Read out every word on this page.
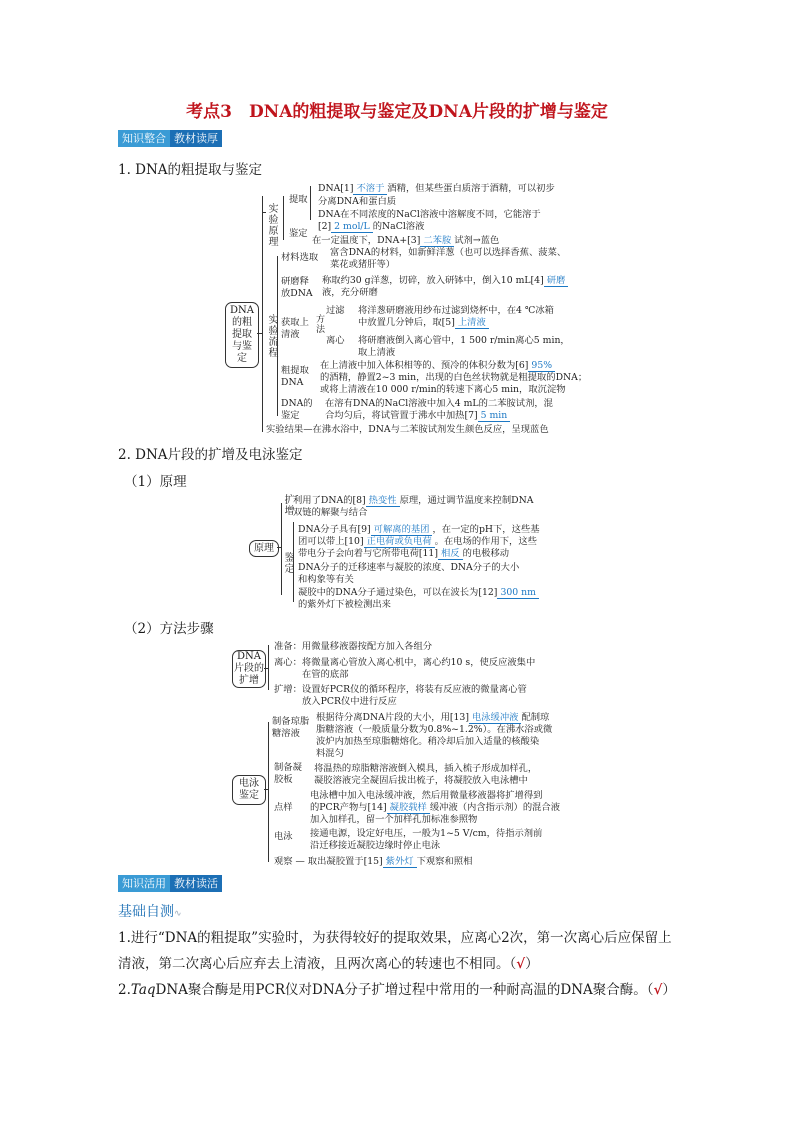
考点3　DNA的粗提取与鉴定及DNA片段的扩增与鉴定
知识整合 教材读厚
1. DNA的粗提取与鉴定
DNA的粗提取与鉴定
实验原理
提取
DNA[1] 不溶于 酒精，但某些蛋白质溶于酒精，可以初步
分离DNA和蛋白质
DNA在不同浓度的NaCl溶液中溶解度不同，它能溶于
[2] 2 mol/L 的NaCl溶液
鉴定
在一定温度下，DNA+[3] 二苯胺 试剂→蓝色
实验流程
材料选取 富含DNA的材料，如新鲜洋葱（也可以选择香蕉、菠菜、
菜花或猪肝等）
研磨释放DNA
称取约30 g洋葱，切碎，放入研钵中，倒入10 mL[4] 研磨
液，充分研磨
获取上清液
方法
过滤 将洋葱研磨液用纱布过滤到烧杯中，在4 ℃冰箱
中放置几分钟后，取[5] 上清液
离心 将研磨液倒入离心管中，1 500 r/min离心5 min，
取上清液
粗提取DNA
在上清液中加入体积相等的、预冷的体积分数为[6] 95%
的酒精，静置2~3 min，出现的白色丝状物就是粗提取的DNA；
或将上清液在10 000 r/min的转速下离心5 min，取沉淀物
DNA的鉴定
在溶有DNA的NaCl溶液中加入4 mL的二苯胺试剂，混
合均匀后，将试管置于沸水中加热[7] 5 min
实验结果—在沸水浴中，DNA与二苯胺试剂发生颜色反应，呈现蓝色
2. DNA片段的扩增及电泳鉴定
（1）原理
原理
扩增 利用了DNA的[8] 热变性 原理，通过调节温度来控制DNA
双链的解聚与结合
鉴定
DNA分子具有[9] 可解离的基团 ，在一定的pH下，这些基
团可以带上[10] 正电荷或负电荷 。在电场的作用下，这些
带电分子会向着与它所带电荷[11] 相反 的电极移动
DNA分子的迁移速率与凝胶的浓度、DNA分子的大小
和构象等有关
凝胶中的DNA分子通过染色，可以在波长为[12] 300 nm
的紫外灯下被检测出来
（2）方法步骤
DNA片段的扩增
准备：用微量移液器按配方加入各组分
离心：将微量离心管放入离心机中，离心约10 s，使反应液集中
在管的底部
扩增：设置好PCR仪的循环程序，将装有反应液的微量离心管
放入PCR仪中进行反应
电泳鉴定
制备琼脂糖溶液
根据待分离DNA片段的大小，用[13] 电泳缓冲液 配制琼
脂糖溶液（一般质量分数为0.8%~1.2%）。在沸水浴或微
波炉内加热至琼脂糖熔化。稍冷却后加入适量的核酸染
料混匀
制备凝胶板
将温热的琼脂糖溶液倒入模具，插入梳子形成加样孔，
凝胶溶液完全凝固后拔出梳子，将凝胶放入电泳槽中
点样
电泳槽中加入电泳缓冲液，然后用微量移液器将扩增得到
的PCR产物与[14] 凝胶载样 缓冲液（内含指示剂）的混合液
加入加样孔，留一个加样孔加标准参照物
电泳 接通电源，设定好电压，一般为1~5 V/cm，待指示剂前
沿迁移接近凝胶边缘时停止电泳
观察 — 取出凝胶置于[15] 紫外灯 下观察和照相
知识活用 教材读活
基础自测∿
1.进行“DNA的粗提取”实验时，为获得较好的提取效果，应离心2次，第一次离心后应保留上清液，第二次离心后应弃去上清液，且两次离心的转速也不相同。（√）
2.TaqDNA聚合酶是用PCR仪对DNA分子扩增过程中常用的一种耐高温的DNA聚合酶。（√）
